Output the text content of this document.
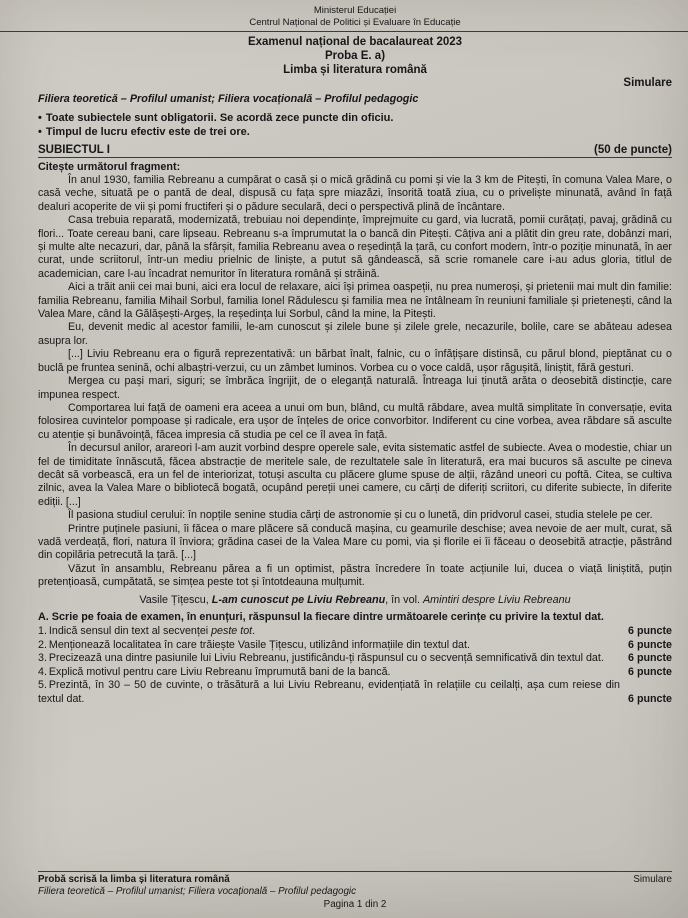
Ministerul Educației
Centrul Național de Politici și Evaluare în Educație
Examenul național de bacalaureat 2023
Proba E. a)
Limba și literatura română
Simulare
Filiera teoretică – Profilul umanist; Filiera vocațională – Profilul pedagogic
• Toate subiectele sunt obligatorii. Se acordă zece puncte din oficiu.
• Timpul de lucru efectiv este de trei ore.
SUBIECTUL I	(50 de puncte)
Citește următorul fragment:

În anul 1930, familia Rebreanu a cumpărat o casă și o mică grădină cu pomi și vie la 3 km de Pitești, în comuna Valea Mare, o casă veche, situată pe o pantă de deal, dispusă cu fața spre miazăzi, însorită toată ziua, cu o priveliște minunată, având în față dealuri acoperite de vii și pomi fructiferi și o pădure seculară, deci o perspectivă plină de încântare.

Casa trebuia reparată, modernizată, trebuiau noi dependințe, împrejmuite cu gard, via lucrată, pomii curățați, pavaj, grădină cu flori... Toate cereau bani, care lipseau. Rebreanu s-a împrumutat la o bancă din Pitești. Câțiva ani a plătit din greu rate, dobânzi mari, și multe alte necazuri, dar, până la sfârșit, familia Rebreanu avea o reședință la țară, cu confort modern, într-o poziție minunată, în aer curat, unde scriitorul, într-un mediu prielnic de liniște, a putut să gândească, să scrie romanele care i-au adus gloria, titlul de academician, care l-au încadrat nemuritor în literatura română și străină.

Aici a trăit anii cei mai buni, aici era locul de relaxare, aici își primea oaspeții, nu prea numeroși, și prietenii mai mult din familie: familia Rebreanu, familia Mihail Sorbul, familia Ionel Rădulescu și familia mea ne întâlneam în reuniuni familiale și prietenești, când la Valea Mare, când la Gălășești-Argeș, la reședința lui Sorbul, când la mine, la Pitești.

Eu, devenit medic al acestor familii, le-am cunoscut și zilele bune și zilele grele, necazurile, bolile, care se abăteau adesea asupra lor.

[...] Liviu Rebreanu era o figură reprezentativă: un bărbat înalt, falnic, cu o înfățișare distinsă, cu părul blond, pieptănat cu o buclă pe fruntea senină, ochi albaștri-verzui, cu un zâmbet luminos. Vorbea cu o voce caldă, ușor răgușită, liniștit, fără gesturi.

Mergea cu pași mari, siguri; se îmbrăca îngrijit, de o eleganță naturală. Întreaga lui ținută arăta o deosebită distincție, care impunea respect.

Comportarea lui față de oameni era aceea a unui om bun, blând, cu multă răbdare, avea multă simplitate în conversație, evita folosirea cuvintelor pompoase și radicale, era ușor de înțeles de orice convorbitor. Indiferent cu cine vorbea, avea răbdare să asculte cu atenție și bunăvoință, făcea impresia că studia pe cel ce îl avea în față.

În decursul anilor, arareori l-am auzit vorbind despre operele sale, evita sistematic astfel de subiecte. Avea o modestie, chiar un fel de timiditate înnăscută, făcea abstracție de meritele sale, de rezultatele sale în literatură, era mai bucuros să asculte pe cineva decât să vorbească, era un fel de interiorizat, totuși asculta cu plăcere glume spuse de alții, râzând uneori cu poftă. Citea, se cultiva zilnic, avea la Valea Mare o bibliotecă bogată, ocupând pereții unei camere, cu cărți de diferiți scriitori, cu diferite subiecte, în diferite ediții. [...]

Îl pasiona studiul cerului: în nopțile senine studia cărți de astronomie și cu o lunetă, din pridvorul casei, studia stelele pe cer.

Printre puținele pasiuni, îi făcea o mare plăcere să conducă mașina, cu geamurile deschise; avea nevoie de aer mult, curat, să vadă verdeață, flori, natura îl înviora; grădina casei de la Valea Mare cu pomi, via și florile ei îi făceau o deosebită atracție, păstrând din copilăria petrecută la țară. [...]

Văzut în ansamblu, Rebreanu părea a fi un optimist, păstra încredere în toate acțiunile lui, ducea o viață liniștită, puțin pretențioasă, cumpătată, se simțea peste tot și întotdeauna mulțumit.

Vasile Țițescu, L-am cunoscut pe Liviu Rebreanu, în vol. Amintiri despre Liviu Rebreanu
A. Scrie pe foaia de examen, în enunțuri, răspunsul la fiecare dintre următoarele cerințe cu privire la textul dat.
1. Indică sensul din text al secvenței peste tot.	6 puncte
2. Menționează localitatea în care trăiește Vasile Țițescu, utilizând informațiile din textul dat.	6 puncte
3. Precizează una dintre pasiunile lui Liviu Rebreanu, justificându-ți răspunsul cu o secvență semnificativă din textul dat. 6 puncte
4. Explică motivul pentru care Liviu Rebreanu împrumută bani de la bancă.	6 puncte
5. Prezintă, în 30 – 50 de cuvinte, o trăsătură a lui Liviu Rebreanu, evidențiată în relațiile cu ceilalți, așa cum reiese din textul dat.	6 puncte
Probă scrisă la limba și literatura română	Simulare
Filiera teoretică – Profilul umanist; Filiera vocațională – Profilul pedagogic
Pagina 1 din 2
